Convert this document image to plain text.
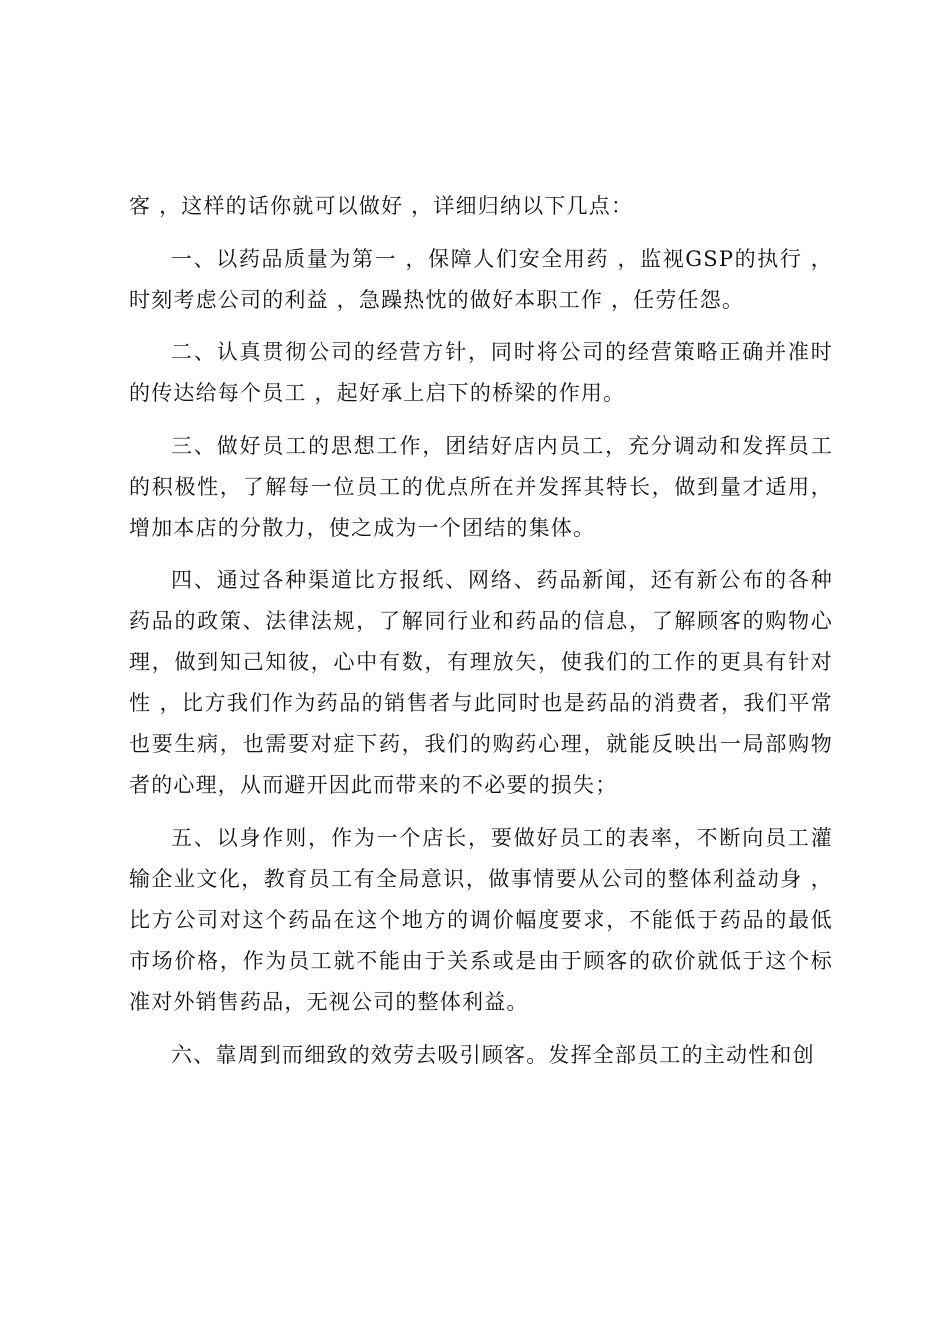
客 ，这样的话你就可以做好 ，详细归纳以下几点：

一、以药品质量为第一 ，保障人们安全用药 ，监视GSP的执行 ，时刻考虑公司的利益 ，急躁热忱的做好本职工作 ，任劳任怨。

二、认真贯彻公司的经营方针，同时将公司的经营策略正确并准时的传达给每个员工 ，起好承上启下的桥梁的作用。

三、做好员工的思想工作，团结好店内员工，充分调动和发挥员工的积极性，了解每一位员工的优点所在并发挥其特长，做到量才适用，增加本店的分散力，使之成为一个团结的集体。

四、通过各种渠道比方报纸、网络、药品新闻，还有新公布的各种药品的政策、法律法规，了解同行业和药品的信息，了解顾客的购物心理，做到知己知彼，心中有数，有理放矢，使我们的工作的更具有针对性 ，比方我们作为药品的销售者与此同时也是药品的消费者，我们平常也要生病，也需要对症下药，我们的购药心理，就能反映出一局部购物者的心理，从而避开因此而带来的不必要的损失；

五、以身作则，作为一个店长，要做好员工的表率，不断向员工灌输企业文化，教育员工有全局意识，做事情要从公司的整体利益动身 ，比方公司对这个药品在这个地方的调价幅度要求，不能低于药品的最低市场价格，作为员工就不能由于关系或是由于顾客的砍价就低于这个标准对外销售药品，无视公司的整体利益。

六、靠周到而细致的效劳去吸引顾客。发挥全部员工的主动性和创
